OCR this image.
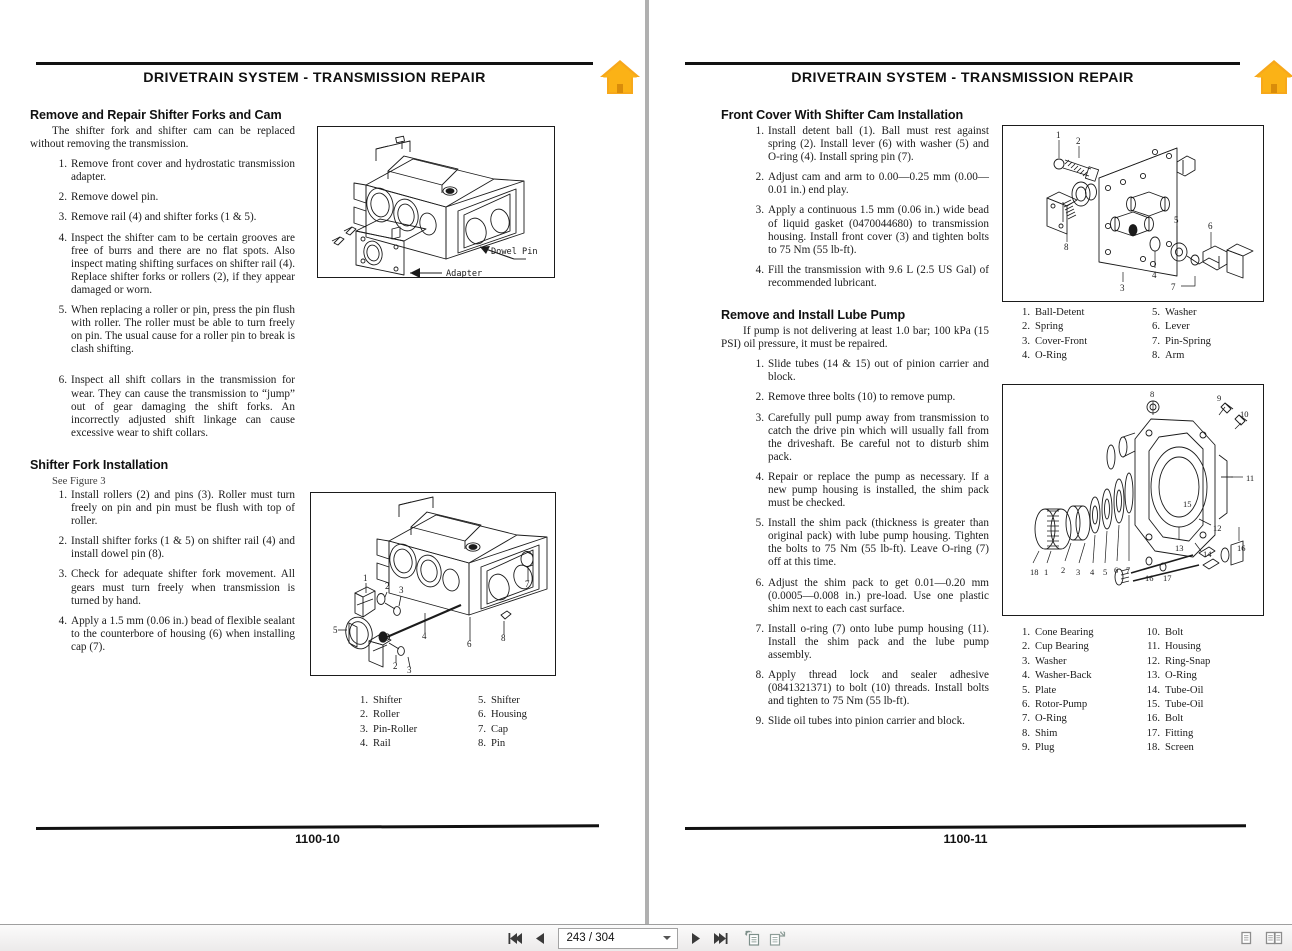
DRIVETRAIN SYSTEM - TRANSMISSION REPAIR
Remove and Repair Shifter Forks and Cam

The shifter fork and shifter cam can be replaced without removing the transmission.

Remove front cover and hydrostatic transmission adapter.
Remove dowel pin.
Remove rail (4) and shifter forks (1 & 5).
Inspect the shifter cam to be certain grooves are free of burrs and there are no flat spots. Also inspect mating shifting surfaces on shifter rail (4). Replace shifter forks or rollers (2), if they appear damaged or worn.
When replacing a roller or pin, press the pin flush with roller. The roller must be able to turn freely on pin. The usual cause for a roller pin to break is clash shifting.
Inspect all shift collars in the transmission for wear. They can cause the transmission to “jump” out of gear damaging the shift forks. An incorrectly adjusted shift linkage can cause excessive wear to shift collars.
Shifter Fork Installation

See Figure 3

Install rollers (2) and pins (3). Roller must turn freely on pin and pin must be flush with top of roller.
Install shifter forks (1 & 5) on shifter rail (4) and install dowel pin (8).
Check for adequate shifter fork movement. All gears must turn freely when transmission is turned by hand.
Apply a 1.5 mm (0.06 in.) bead of flexible sealant to the counterbore of housing (6) when installing cap (7).
Dowel Pin
Adapter
1
2 3
4
5
6
7
8
2 3
1. Shifter
2. Roller
3. Pin-Roller
4. Rail
5. Shifter
6. Housing
7. Cap
8. Pin
1100-10
DRIVETRAIN SYSTEM - TRANSMISSION REPAIR
Front Cover With Shifter Cam Installation
Install detent ball (1). Ball must rest against spring (2). Install lever (6) with washer (5) and O-ring (4). Install spring pin (7).
Adjust cam and arm to 0.00—0.25 mm (0.00—0.01 in.) end play.
Apply a continuous 1.5 mm (0.06 in.) wide bead of liquid gasket (0470044680) to transmission housing. Install front cover (3) and tighten bolts to 75 Nm (55 lb-ft).
Fill the transmission with 9.6 L (2.5 US Gal) of recommended lubricant.
Remove and Install Lube Pump

If pump is not delivering at least 1.0 bar; 100 kPa (15 PSI) oil pressure, it must be repaired.

Slide tubes (14 & 15) out of pinion carrier and block.
Remove three bolts (10) to remove pump.
Carefully pull pump away from transmission to catch the drive pin which will usually fall from the driveshaft. Be careful not to disturb shim pack.
Repair or replace the pump as necessary. If a new pump housing is installed, the shim pack must be checked.
Install the shim pack (thickness is greater than original pack) with lube pump housing. Tighten the bolts to 75 Nm (55 lb-ft). Leave O-ring (7) off at this time.
Adjust the shim pack to get 0.01—0.20 mm (0.0005—0.008 in.) pre-load. Use one plastic shim next to each cast surface.
Install o-ring (7) onto lube pump housing (11). Install the shim pack and the lube pump assembly.
Apply thread lock and sealer adhesive (0841321371) to bolt (10) threads. Install bolts and tighten to 75 Nm (55 lb-ft).
Slide oil tubes into pinion carrier and block.
1
2
8
3
4
5
6
7
1. Ball-Detent
2. Spring
3. Cover-Front
4. O-Ring
5. Washer
6. Lever
7. Pin-Spring
8. Arm
18 1 2 3 4 5 6 7
8	9
10
11
12
13
14
15
16 17
16
1. Cone Bearing
2. Cup Bearing
3. Washer
4. Washer-Back
5. Plate
6. Rotor-Pump
7. O-Ring
8. Shim
9. Plug
10. Bolt
11. Housing
12. Ring-Snap
13. O-Ring
14. Tube-Oil
15. Tube-Oil
16. Bolt
17. Fitting
18. Screen
1100-11
243 / 304
